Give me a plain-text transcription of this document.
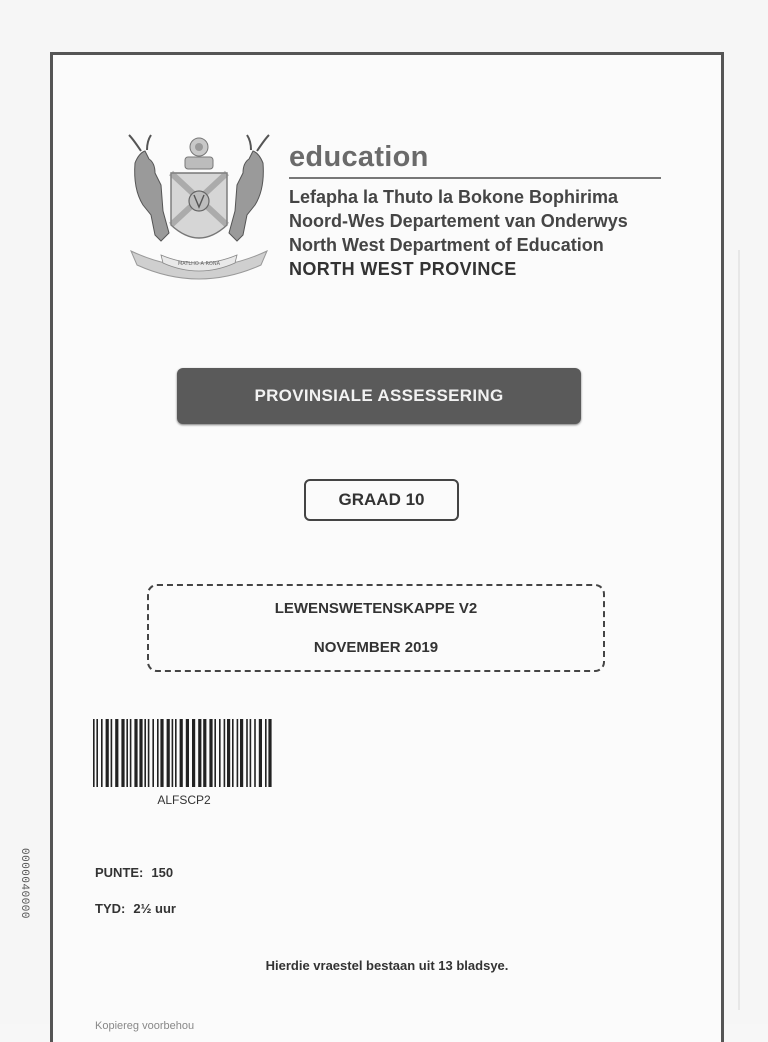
0000040000
MATLHO A RONA
education
Lefapha la Thuto la Bokone Bophirima
Noord-Wes Departement van Onderwys
North West Department of Education
NORTH WEST PROVINCE
PROVINSIALE ASSESSERING
GRAAD 10
LEWENSWETENSKAPPE V2
NOVEMBER 2019
ALFSCP2
PUNTE: 150
TYD: 2½ uur
Hierdie vraestel bestaan uit 13 bladsye.
Kopiereg voorbehou
